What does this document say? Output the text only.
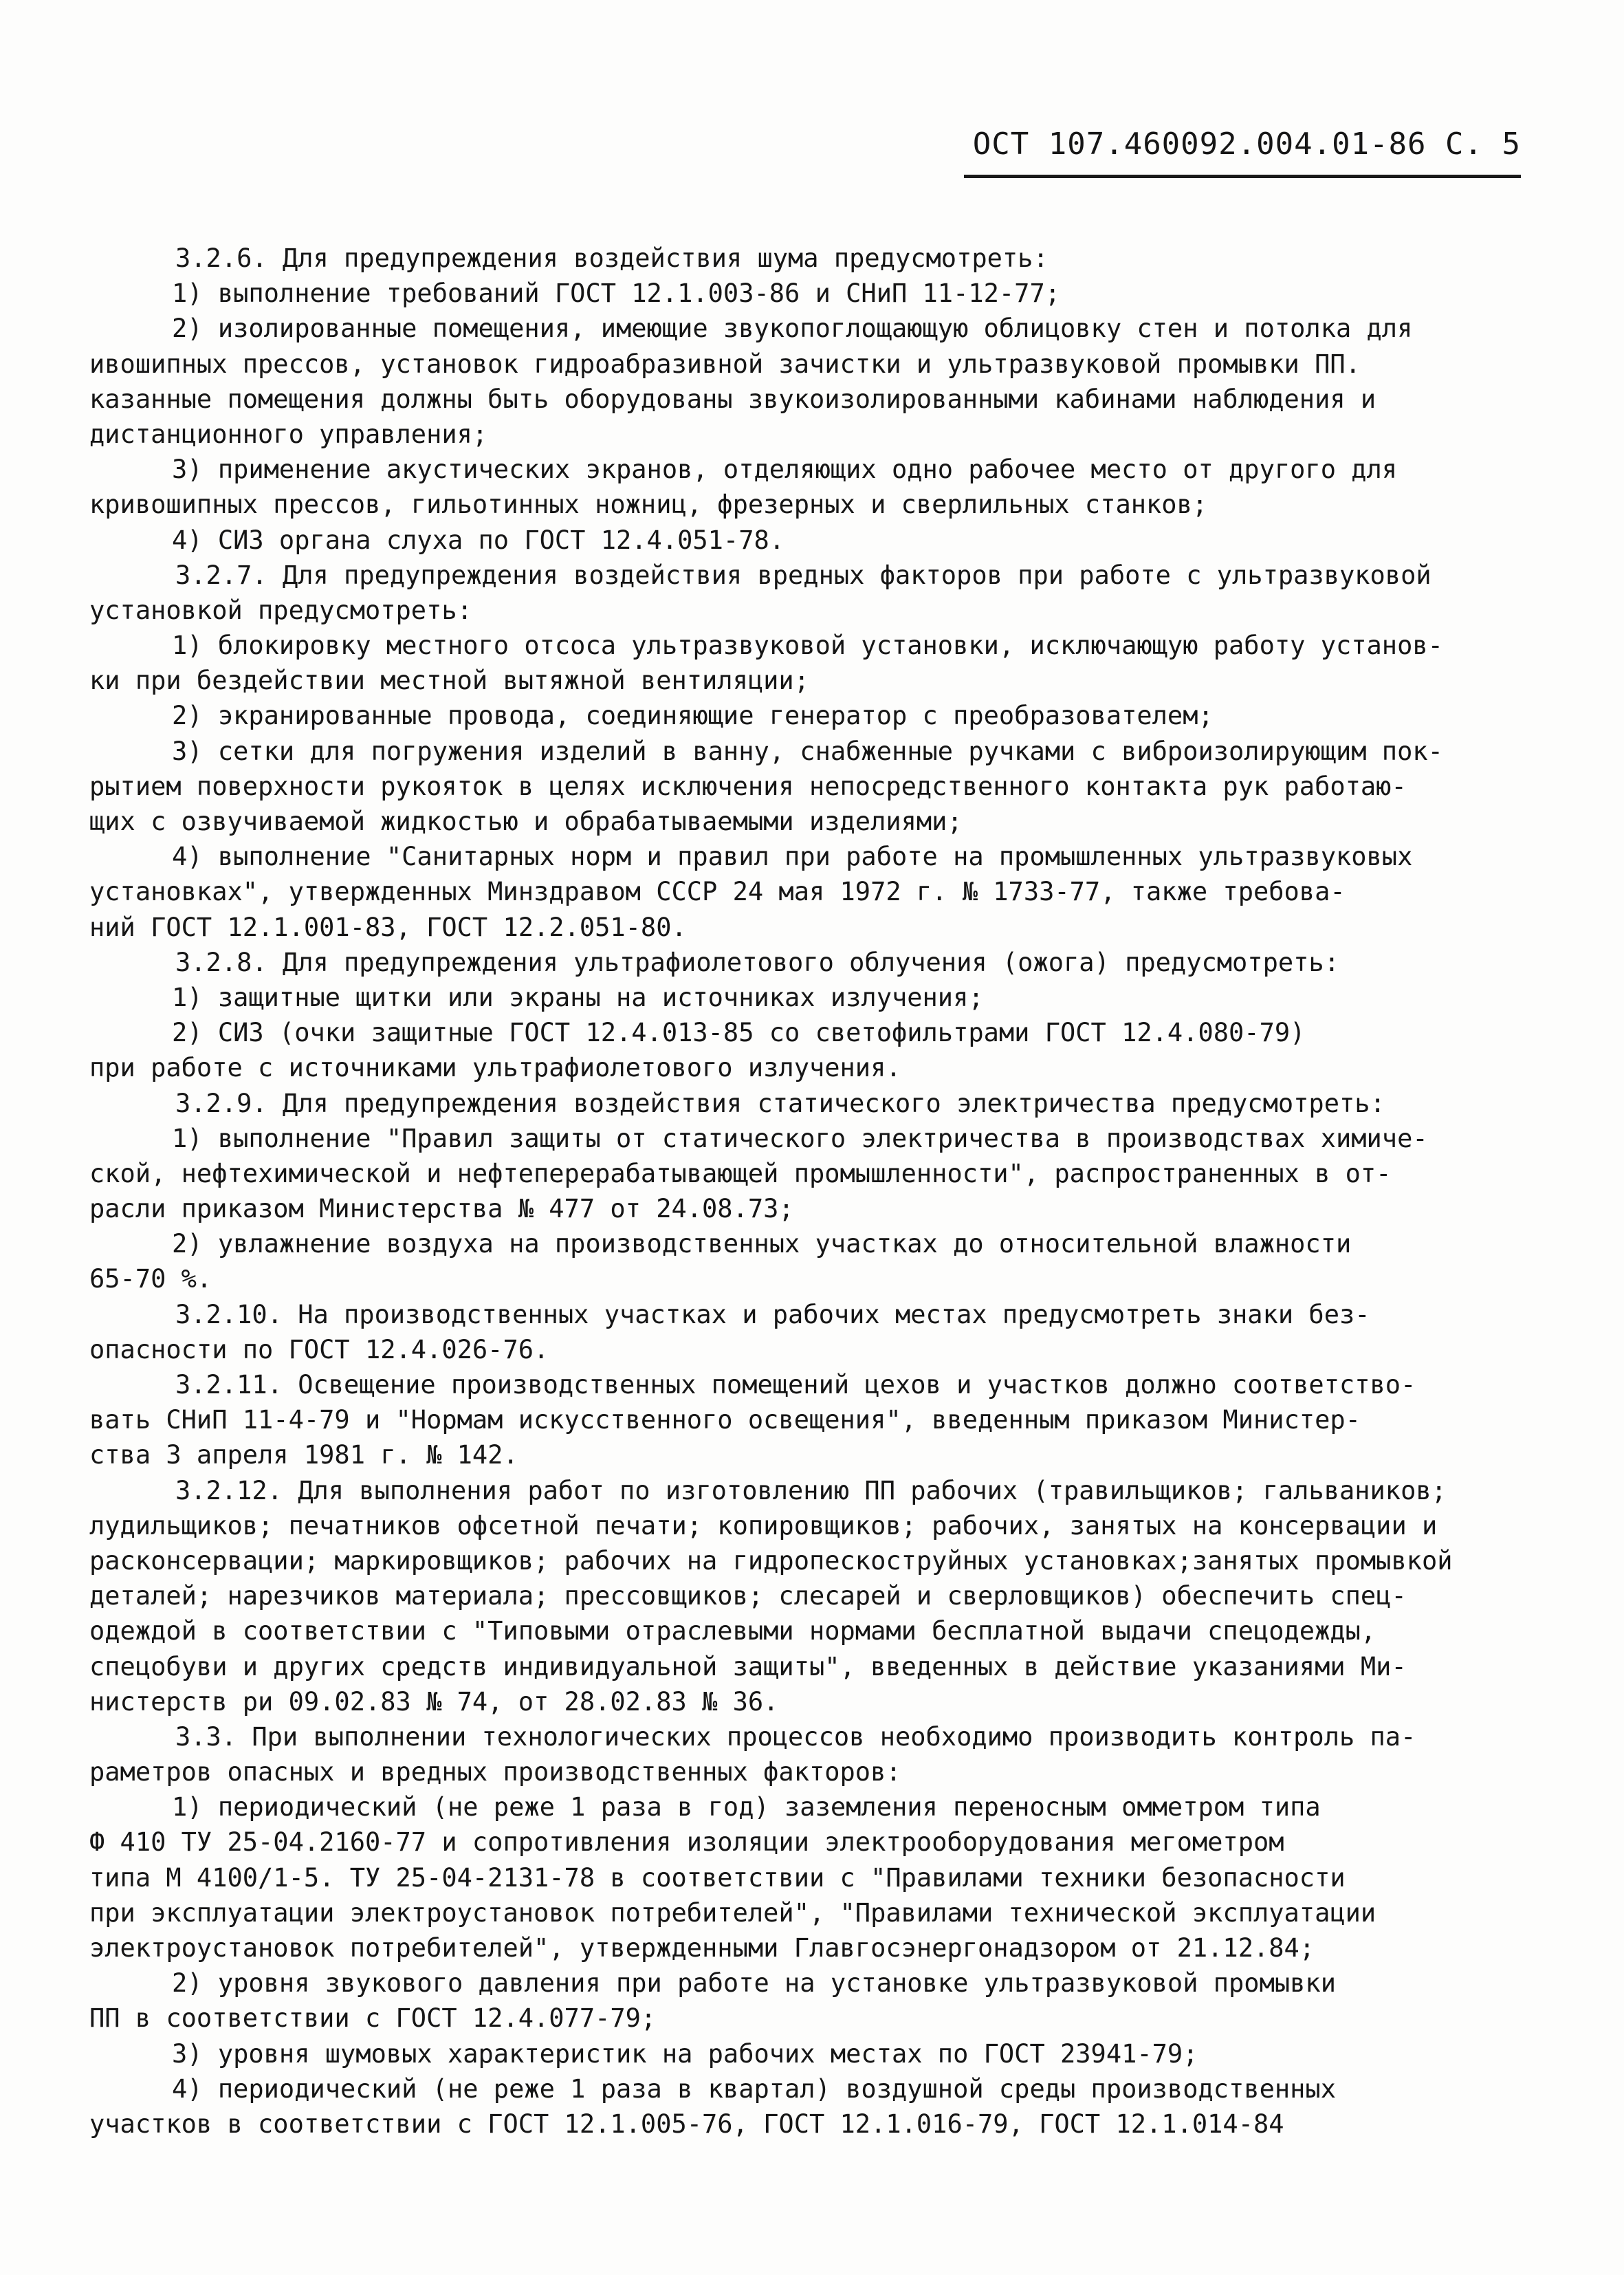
ОСТ 107.460092.004.01-86 С. 5
3.2.6. Для предупреждения воздействия шума предусмотреть:
1) выполнение требований ГОСТ 12.1.003-86 и СНиП 11-12-77;
2) изолированные помещения, имеющие звукопоглощающую облицовку стен и потолка для
ивошипных прессов, установок гидроабразивной зачистки и ультразвуковой промывки ПП.
казанные помещения должны быть оборудованы звукоизолированными кабинами наблюдения и
дистанционного управления;
3) применение акустических экранов, отделяющих одно рабочее место от другого для
кривошипных прессов, гильотинных ножниц, фрезерных и сверлильных станков;
4) СИЗ органа слуха по ГОСТ 12.4.051-78.
3.2.7. Для предупреждения воздействия вредных факторов при работе с ультразвуковой
установкой предусмотреть:
1) блокировку местного отсоса ультразвуковой установки, исключающую работу установ-
ки при бездействии местной вытяжной вентиляции;
2) экранированные провода, соединяющие генератор с преобразователем;
3) сетки для погружения изделий в ванну, снабженные ручками с виброизолирующим пок-
рытием поверхности рукояток в целях исключения непосредственного контакта рук работаю-
щих с озвучиваемой жидкостью и обрабатываемыми изделиями;
4) выполнение "Санитарных норм и правил при работе на промышленных ультразвуковых
установках", утвержденных Минздравом СССР 24 мая 1972 г. № 1733-77, также требова-
ний ГОСТ 12.1.001-83, ГОСТ 12.2.051-80.
3.2.8. Для предупреждения ультрафиолетового облучения (ожога) предусмотреть:
1) защитные щитки или экраны на источниках излучения;
2) СИЗ (очки защитные ГОСТ 12.4.013-85 со светофильтрами ГОСТ 12.4.080-79)
при работе с источниками ультрафиолетового излучения.
3.2.9. Для предупреждения воздействия статического электричества предусмотреть:
1) выполнение "Правил защиты от статического электричества в производствах химиче-
ской, нефтехимической и нефтеперерабатывающей промышленности", распространенных в от-
расли приказом Министерства № 477 от 24.08.73;
2) увлажнение воздуха на производственных участках до относительной влажности
65-70 %.
3.2.10. На производственных участках и рабочих местах предусмотреть знаки без-
опасности по ГОСТ 12.4.026-76.
3.2.11. Освещение производственных помещений цехов и участков должно соответство-
вать СНиП 11-4-79 и "Нормам искусственного освещения", введенным приказом Министер-
ства 3 апреля 1981 г. № 142.
3.2.12. Для выполнения работ по изготовлению ПП рабочих (травильщиков; гальваников;
лудильщиков; печатников офсетной печати; копировщиков; рабочих, занятых на консервации и
расконсервации; маркировщиков; рабочих на гидропескоструйных установках;занятых промывкой
деталей; нарезчиков материала; прессовщиков; слесарей и сверловщиков) обеспечить спец-
одеждой в соответствии с "Типовыми отраслевыми нормами бесплатной выдачи спецодежды,
спецобуви и других средств индивидуальной защиты", введенных в действие указаниями Ми-
нистерств ри 09.02.83 № 74, от 28.02.83 № 36.
3.3. При выполнении технологических процессов необходимо производить контроль па-
раметров опасных и вредных производственных факторов:
1) периодический (не реже 1 раза в год) заземления переносным омметром типа
Ф 410 ТУ 25-04.2160-77 и сопротивления изоляции электрооборудования мегометром
типа М 4100/1-5. ТУ 25-04-2131-78 в соответствии с "Правилами техники безопасности
при эксплуатации электроустановок потребителей", "Правилами технической эксплуатации
электроустановок потребителей", утвержденными Главгосэнергонадзором от 21.12.84;
2) уровня звукового давления при работе на установке ультразвуковой промывки
ПП в соответствии с ГОСТ 12.4.077-79;
3) уровня шумовых характеристик на рабочих местах по ГОСТ 23941-79;
4) периодический (не реже 1 раза в квартал) воздушной среды производственных
участков в соответствии с ГОСТ 12.1.005-76, ГОСТ 12.1.016-79, ГОСТ 12.1.014-84
